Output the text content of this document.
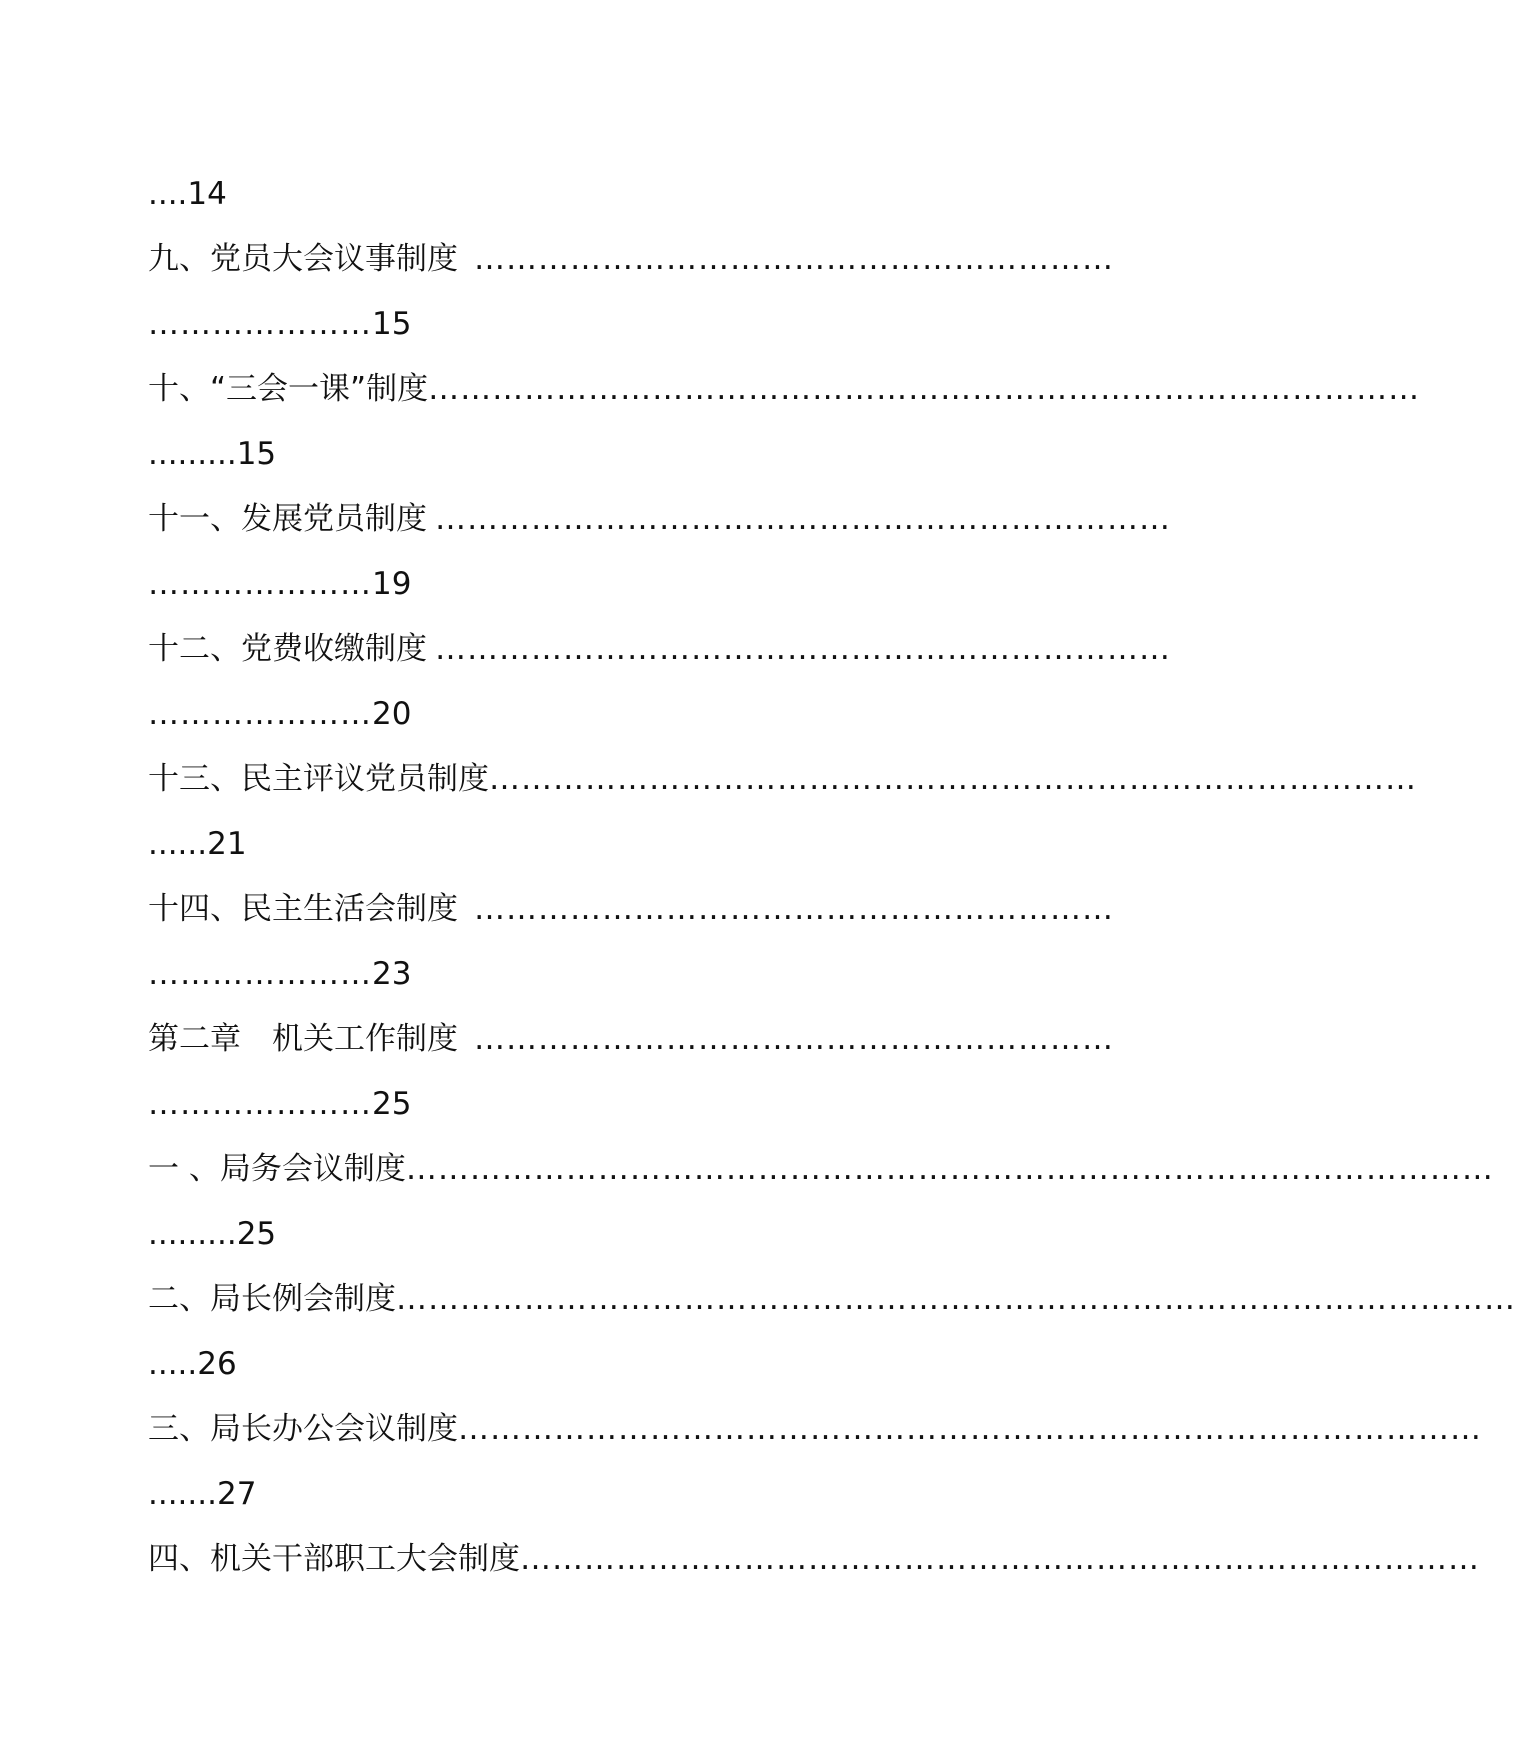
....14
九、党员大会议事制度 ……………………………………………………
…………………15
十、“三会一课”制度 …………………………………………………………………………………
.........15
十一、发展党员制度 ……………………………………………………………
…………………19
十二、党费收缴制度 ……………………………………………………………
…………………20
十三、民主评议党员制度 ……………………………………………………………………………
......21
十四、民主生活会制度 ……………………………………………………
…………………23
第二章　机关工作制度 ……………………………………………………
…………………25
一 、局务会议制度 …………………………………………………………………………………………
.........25
二、局长例会制度 ……………………………………………………………………………………………
.....26
三、局长办公会议制度 ……………………………………………………………………………………
.......27
四、机关干部职工大会制度 ………………………………………………………………………………
